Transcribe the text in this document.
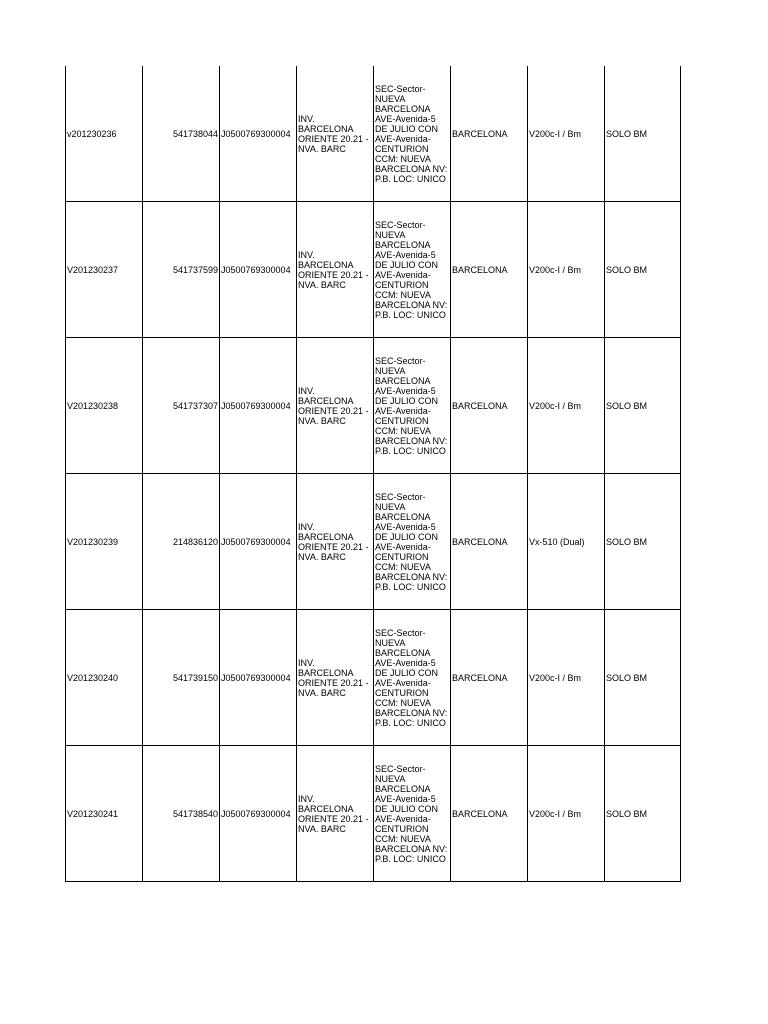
v201230236	541738044	J0500769300004	INV. BARCELONA ORIENTE 20.21 - NVA. BARC	SEC-Sector-NUEVA BARCELONA AVE-Avenida-5 DE JULIO CON AVE-Avenida-CENTURION CCM: NUEVA BARCELONA NV: P.B. LOC: UNICO	BARCELONA	V200c-I / Bm	SOLO BM
V201230237	541737599	J0500769300004	INV. BARCELONA ORIENTE 20.21 - NVA. BARC	SEC-Sector-NUEVA BARCELONA AVE-Avenida-5 DE JULIO CON AVE-Avenida-CENTURION CCM: NUEVA BARCELONA NV: P.B. LOC: UNICO	BARCELONA	V200c-I / Bm	SOLO BM
V201230238	541737307	J0500769300004	INV. BARCELONA ORIENTE 20.21 - NVA. BARC	SEC-Sector-NUEVA BARCELONA AVE-Avenida-5 DE JULIO CON AVE-Avenida-CENTURION CCM: NUEVA BARCELONA NV: P.B. LOC: UNICO	BARCELONA	V200c-I / Bm	SOLO BM
V201230239	214836120	J0500769300004	INV. BARCELONA ORIENTE 20.21 - NVA. BARC	SEC-Sector-NUEVA BARCELONA AVE-Avenida-5 DE JULIO CON AVE-Avenida-CENTURION CCM: NUEVA BARCELONA NV: P.B. LOC: UNICO	BARCELONA	Vx-510 (Dual)	SOLO BM
V201230240	541739150	J0500769300004	INV. BARCELONA ORIENTE 20.21 - NVA. BARC	SEC-Sector-NUEVA BARCELONA AVE-Avenida-5 DE JULIO CON AVE-Avenida-CENTURION CCM: NUEVA BARCELONA NV: P.B. LOC: UNICO	BARCELONA	V200c-I / Bm	SOLO BM
V201230241	541738540	J0500769300004	INV. BARCELONA ORIENTE 20.21 - NVA. BARC	SEC-Sector-NUEVA BARCELONA AVE-Avenida-5 DE JULIO CON AVE-Avenida-CENTURION CCM: NUEVA BARCELONA NV: P.B. LOC: UNICO	BARCELONA	V200c-I / Bm	SOLO BM
